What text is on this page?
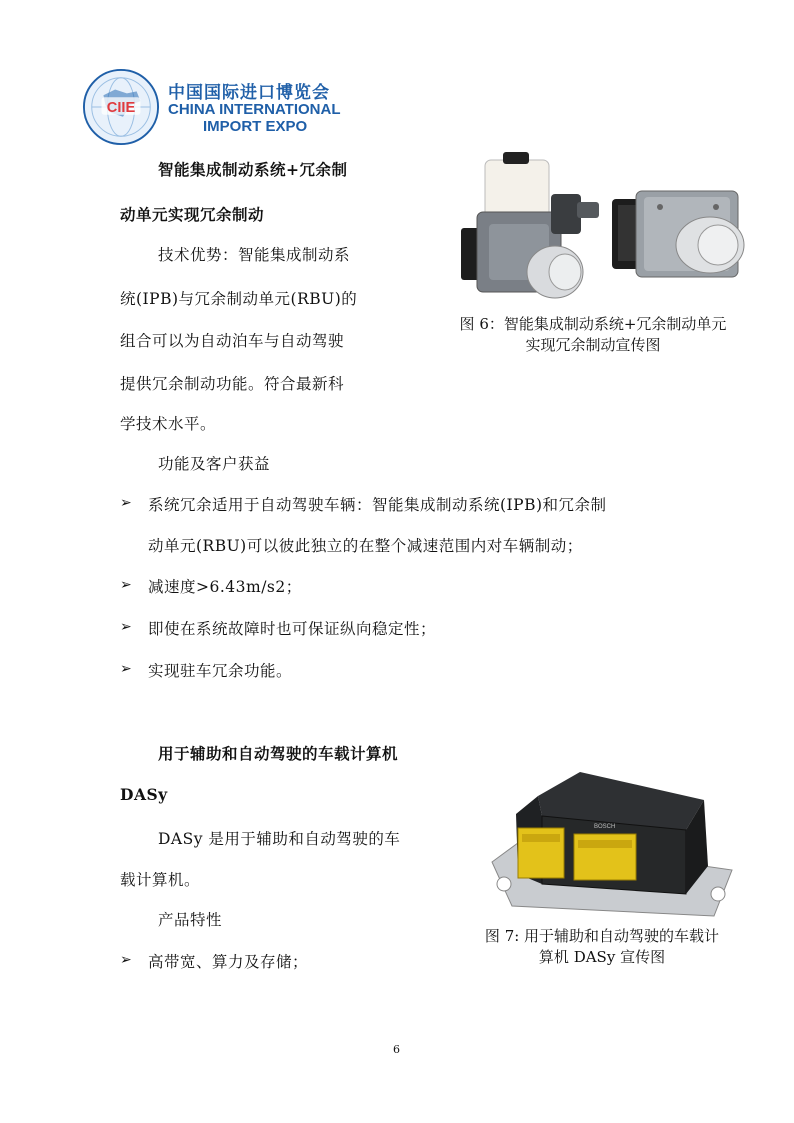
CIIE
中国国际进口博览会
CHINA INTERNATIONAL
IMPORT EXPO
智能集成制动系统+冗余制
动单元实现冗余制动
技术优势：智能集成制动系
统(IPB)与冗余制动单元(RBU)的
组合可以为自动泊车与自动驾驶
提供冗余制动功能。符合最新科
学技术水平。
功能及客户获益
图 6：智能集成制动系统+冗余制动单元
实现冗余制动宣传图
➢ 系统冗余适用于自动驾驶车辆：智能集成制动系统(IPB)和冗余制
动单元(RBU)可以彼此独立的在整个减速范围内对车辆制动；
➢ 减速度>6.43m/s2；
➢ 即使在系统故障时也可保证纵向稳定性；
➢ 实现驻车冗余功能。
用于辅助和自动驾驶的车载计算机
DASy
DASy 是用于辅助和自动驾驶的车
载计算机。
产品特性
➢ 高带宽、算力及存储；
BOSCH
图 7: 用于辅助和自动驾驶的车载计
算机 DASy 宣传图
6
